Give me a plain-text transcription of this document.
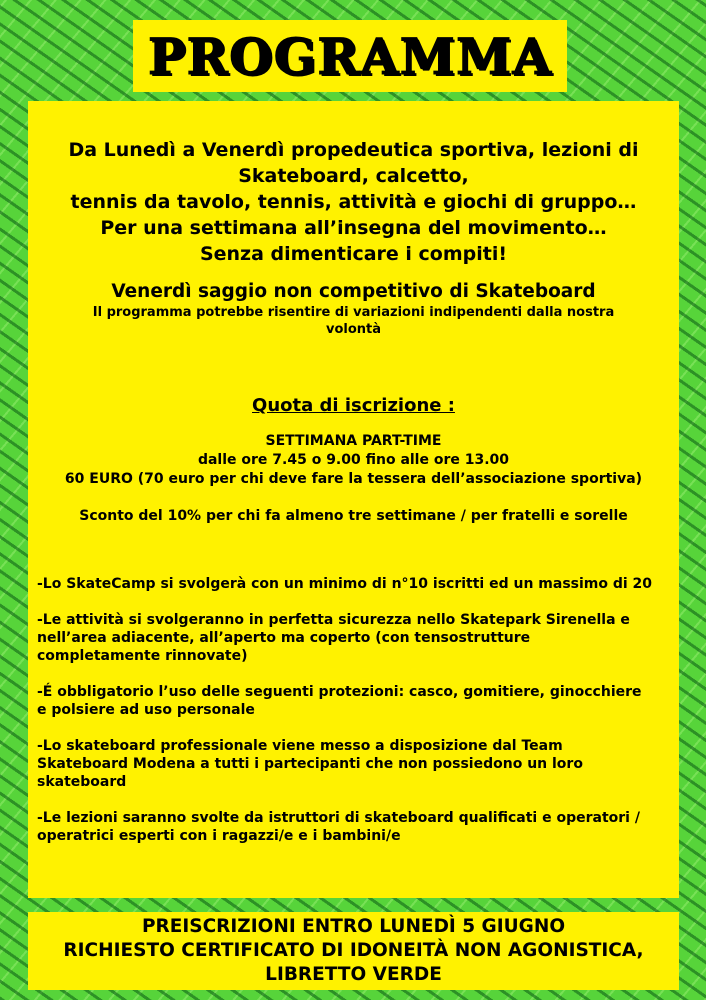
PROGRAMMA
Da Lunedì a Venerdì propedeutica sportiva, lezioni di
Skateboard, calcetto,
tennis da tavolo, tennis, attività e giochi di gruppo…
Per una settimana all’insegna del movimento…
Senza dimenticare i compiti!
Venerdì saggio non competitivo di Skateboard
Il programma potrebbe risentire di variazioni indipendenti dalla nostra
volontà
Quota di iscrizione :
SETTIMANA PART-TIME
dalle ore 7.45 o 9.00 fino alle ore 13.00
60 EURO (70 euro per chi deve fare la tessera dell’associazione sportiva)
Sconto del 10% per chi fa almeno tre settimane / per fratelli e sorelle
-Lo SkateCamp si svolgerà con un minimo di n°10 iscritti ed un massimo di 20
-Le attività si svolgeranno in perfetta sicurezza nello Skatepark Sirenella e
nell’area adiacente, all’aperto ma coperto (con tensostrutture
completamente rinnovate)
-É obbligatorio l’uso delle seguenti protezioni: casco, gomitiere, ginocchiere
e polsiere ad uso personale
-Lo skateboard professionale viene messo a disposizione dal Team
Skateboard Modena a tutti i partecipanti che non possiedono un loro
skateboard
-Le lezioni saranno svolte da istruttori di skateboard qualificati e operatori /
operatrici esperti con i ragazzi/e e i bambini/e
PREISCRIZIONI ENTRO LUNEDÌ 5 GIUGNO
RICHIESTO CERTIFICATO DI IDONEITÀ NON AGONISTICA,
LIBRETTO VERDE
